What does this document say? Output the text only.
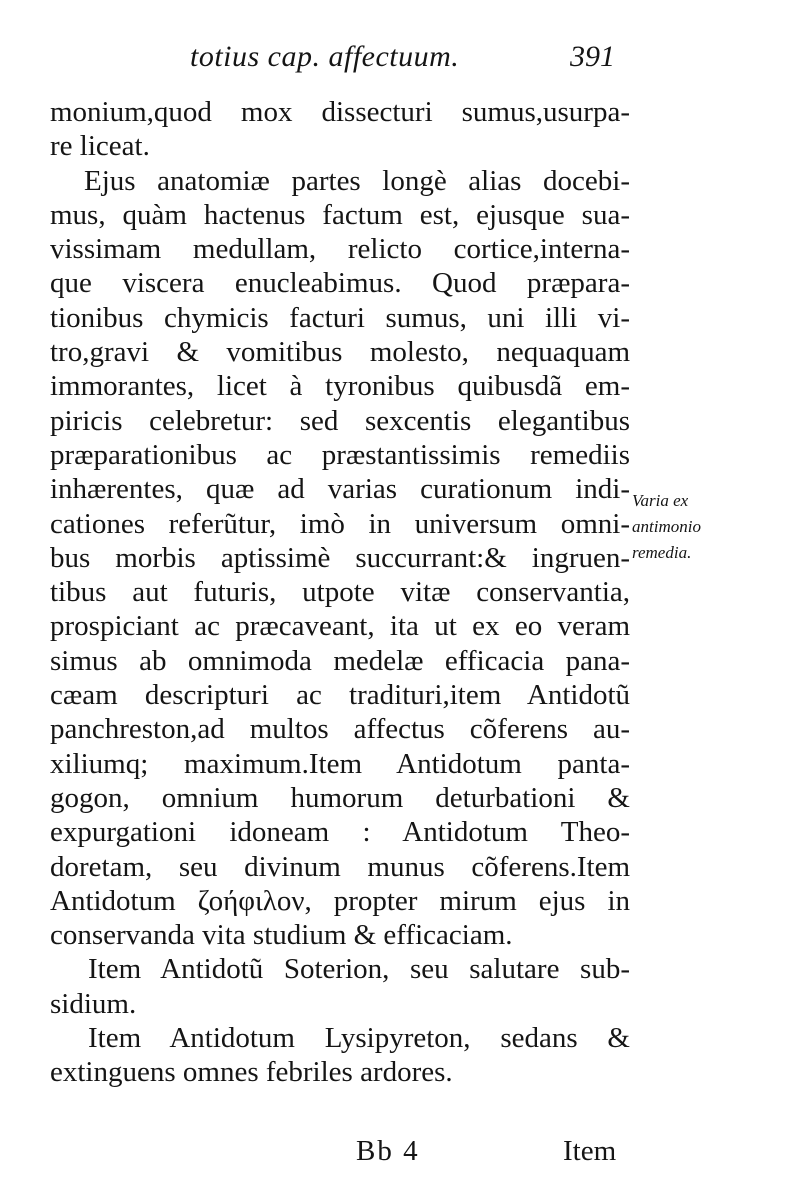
totius cap. affectuum.	391
monium,quod mox dissecturi sumus,usurpa-
re liceat.
Ejus anatomiæ partes longè alias docebi-
mus, quàm hactenus factum est, ejusque sua-
vissimam medullam, relicto cortice,interna-
que viscera enucleabimus. Quod præpara-
tionibus chymicis facturi sumus, uni illi vi-
tro,gravi & vomitibus molesto, nequaquam
immorantes, licet à tyronibus quibusdã em-
piricis celebretur: sed sexcentis elegantibus
præparationibus ac præstantissimis remediis
inhærentes, quæ ad varias curationum indi-
cationes referũtur, imò in universum omni-
bus morbis aptissimè succurrant:& ingruen-
tibus aut futuris, utpote vitæ conservantia,
prospiciant ac præcaveant, ita ut ex eo veram
simus ab omnimoda medelæ efficacia pana-
cæam descripturi ac tradituri,item Antidotũ
panchreston,ad multos affectus cõferens au-
xiliumq; maximum.Item Antidotum panta-
gogon, omnium humorum deturbationi &
expurgationi idoneam : Antidotum Theo-
doretam, seu divinum munus cõferens.Item
Antidotum ζοήφιλον, propter mirum ejus in
conservanda vita studium & efficaciam.
Item Antidotũ Soterion, seu salutare sub-
sidium.
Item Antidotum Lysipyreton, sedans &
extinguens omnes febriles ardores.
Varia ex
antimonio
remedia.
Bb 4	Item
